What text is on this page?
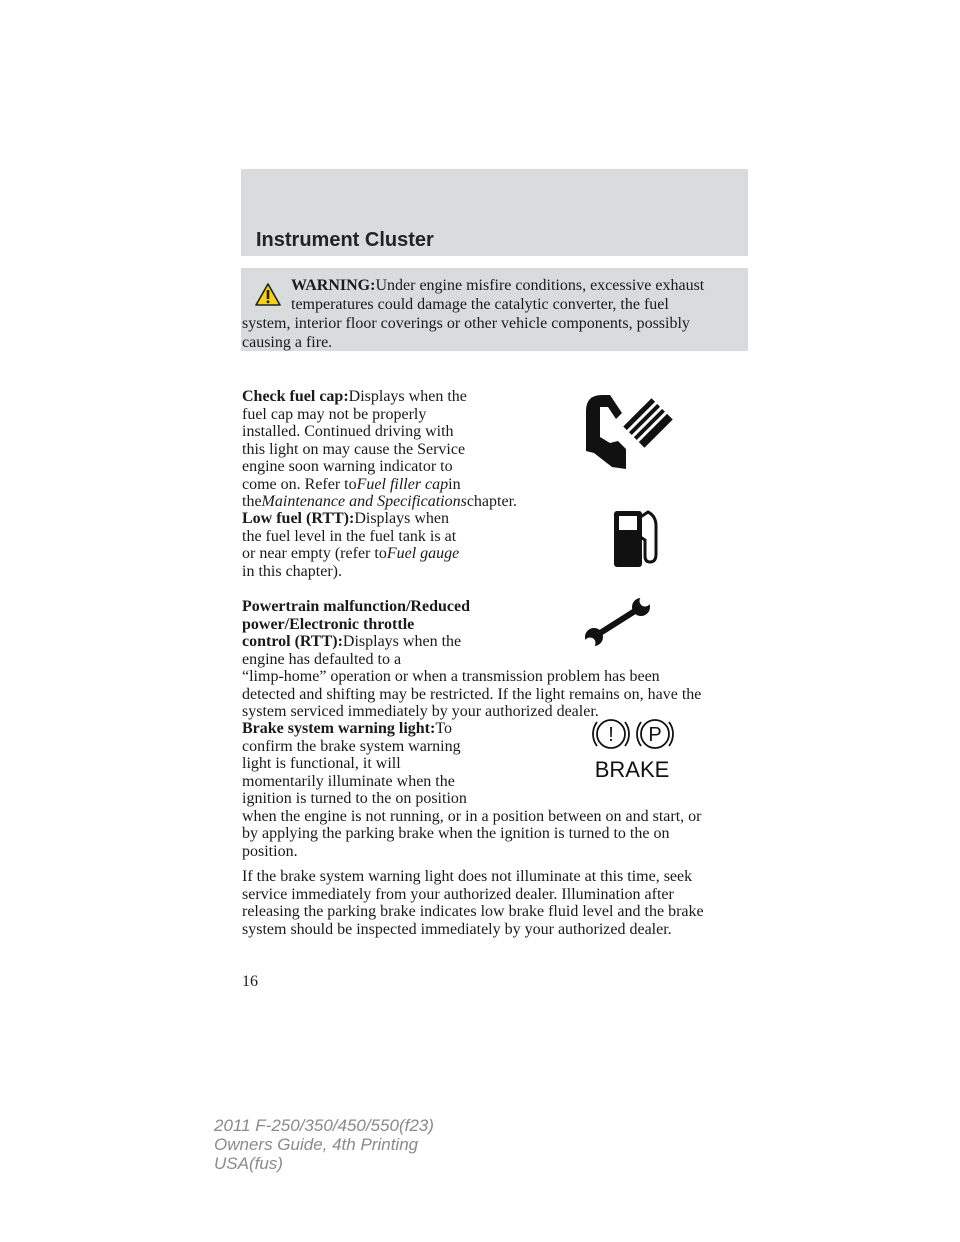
Instrument Cluster
WARNING:Under engine misfire conditions, excessive exhaust
temperatures could damage the catalytic converter, the fuel
system, interior floor coverings or other vehicle components, possibly
causing a fire.
Check fuel cap:Displays when the
fuel cap may not be properly
installed. Continued driving with
this light on may cause the Service
engine soon warning indicator to
come on. Refer toFuel filler capin
theMaintenance and Specificationschapter.
Low fuel (RTT):Displays when
the fuel level in the fuel tank is at
or near empty (refer toFuel gauge
in this chapter).
Powertrain malfunction/Reduced
power/Electronic throttle
control (RTT):Displays when the
engine has defaulted to a
“limp-home” operation or when a transmission problem has been
detected and shifting may be restricted. If the light remains on, have the
system serviced immediately by your authorized dealer.
Brake system warning light:To
confirm the brake system warning
light is functional, it will
momentarily illuminate when the
ignition is turned to the on position
when the engine is not running, or in a position between on and start, or
by applying the parking brake when the ignition is turned to the on
position.
! P
BRAKE
If the brake system warning light does not illuminate at this time, seek
service immediately from your authorized dealer. Illumination after
releasing the parking brake indicates low brake fluid level and the brake
system should be inspected immediately by your authorized dealer.
16
2011 F-250/350/450/550(f23)
Owners Guide, 4th Printing
USA(fus)
